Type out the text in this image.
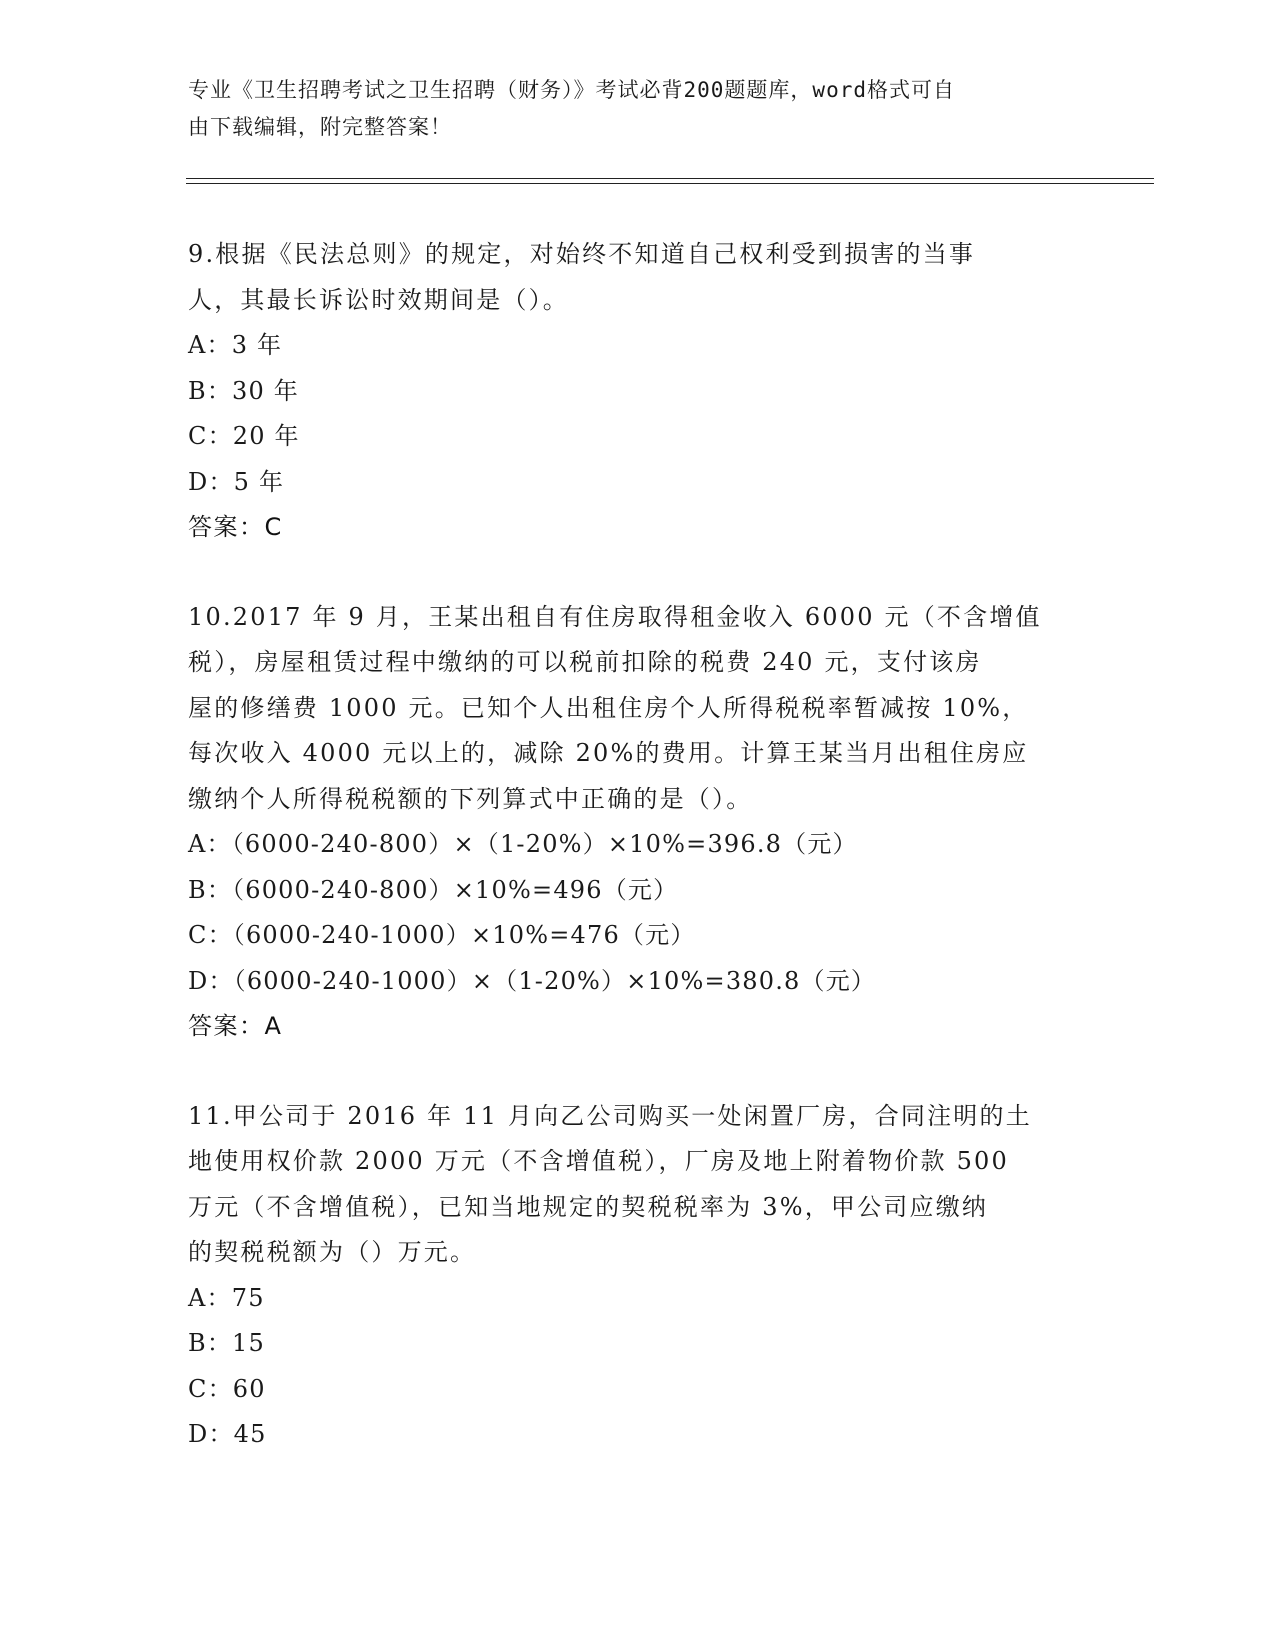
专业《卫生招聘考试之卫生招聘（财务）》考试必背200题题库，word格式可自
由下载编辑，附完整答案！

9.根据《民法总则》的规定，对始终不知道自己权利受到损害的当事

人，其最长诉讼时效期间是（）。

A：3 年

B：30 年

C：20 年

D：5 年

答案：C

10.2017 年 9 月，王某出租自有住房取得租金收入 6000 元（不含增值

税），房屋租赁过程中缴纳的可以税前扣除的税费 240 元，支付该房

屋的修缮费 1000 元。已知个人出租住房个人所得税税率暂减按 10%，

每次收入 4000 元以上的，减除 20%的费用。计算王某当月出租住房应

缴纳个人所得税税额的下列算式中正确的是（）。

A：（6000-240-800）×（1-20%）×10%=396.8（元）

B：（6000-240-800）×10%=496（元）

C：（6000-240-1000）×10%=476（元）

D：（6000-240-1000）×（1-20%）×10%=380.8（元）

答案：A

11.甲公司于 2016 年 11 月向乙公司购买一处闲置厂房，合同注明的土

地使用权价款 2000 万元（不含增值税），厂房及地上附着物价款 500

万元（不含增值税），已知当地规定的契税税率为 3%，甲公司应缴纳

的契税税额为（）万元。

A：75

B：15

C：60

D：45
